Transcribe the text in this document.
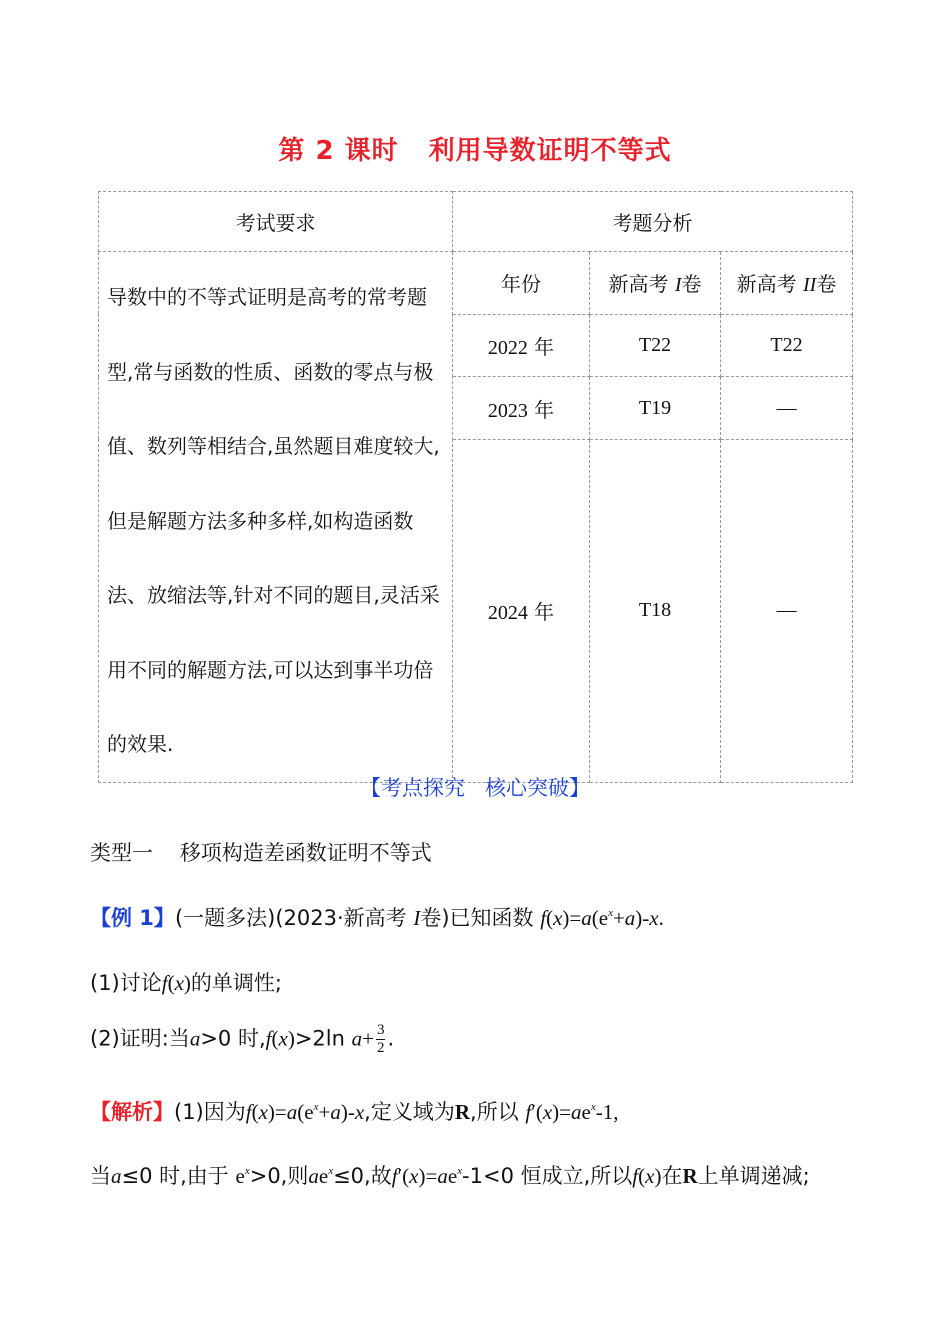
第 2 课时 利用导数证明不等式
考试要求	考题分析		
导数中的不等式证明是高考的常考题型,常与函数的性质、函数的零点与极值、数列等相结合,虽然题目难度较大,但是解题方法多种多样,如构造函数法、放缩法等,针对不同的题目,灵活采用不同的解题方法,可以达到事半功倍的效果.	年份	新高考 I卷	新高考 II卷
	2022 年	T22	T22
	2023 年	T19	—
	2024 年	T18	—
【考点探究 核心突破】
类型一 移项构造差函数证明不等式
【例 1】(一题多法)(2023·新高考 I卷)已知函数 $f(x)=a(e^x+a)-x$.
(1)讨论f(x)的单调性;
(2)证明:当a>0 时,f(x)>2ln $a+ \frac{3}{2}$ .
【解析】(1)因为$f(x)=a(e^x+a)-x$,定义域为R,所以 $f'(x)=ae^x-1$,
当a≤0 时,由于 $e^x>0$,则$ae^x\le 0$,故$f'(x)=ae^x-1<0$ 恒成立,所以f(x)在R上单调递减;
